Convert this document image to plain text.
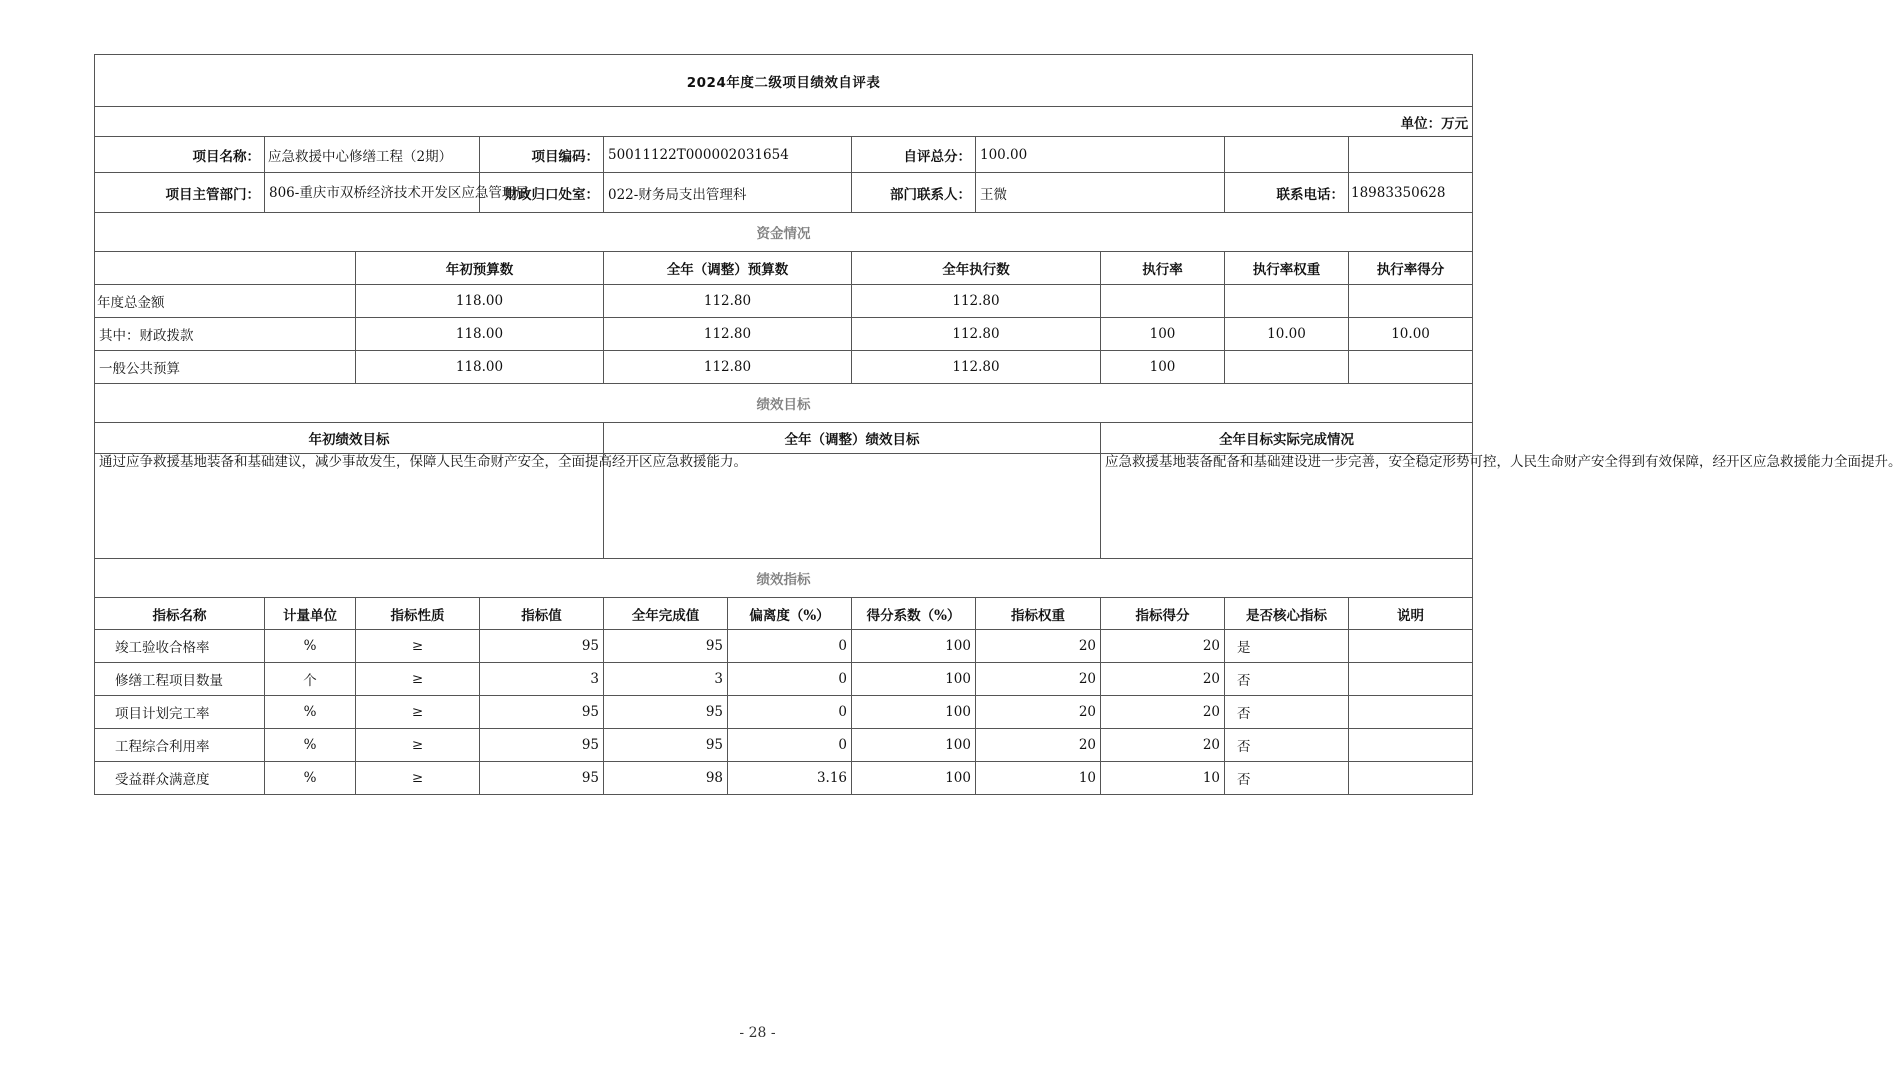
2024年度二级项目绩效自评表										
单位：万元										
项目名称：	应急救援中心修缮工程（2期）		项目编码：	50011122T000002031654		自评总分：	100.00			
项目主管部门：	806-重庆市双桥经济技术开发区应急管理局		财政归口处室：	022-财务局支出管理科		部门联系人：	王微		联系电话：	18983350628
资金情况										
		年初预算数		全年（调整）预算数		全年执行数		执行率	执行率权重	执行率得分
年度总金额		118.00		112.80		112.80				
其中：财政拨款		118.00		112.80		112.80		100	10.00	10.00
一般公共预算		118.00		112.80		112.80		100		
绩效目标										
年初绩效目标				全年（调整）绩效目标				全年目标实际完成情况		
通过应争救援基地装备和基础建议，减少事故发生，保障人民生命财产安全，全面提高经开区应急救援能力。								应急救援基地装备配备和基础建设进一步完善，安全稳定形势可控，人民生命财产安全得到有效保障，经开区应急救援能力全面提升。		
绩效指标										
指标名称	计量单位	指标性质	指标值	全年完成值	偏离度（%）	得分系数（%）	指标权重	指标得分	是否核心指标	说明
竣工验收合格率	%	≥	95	95	0	100	20	20	是	
修缮工程项目数量	个	≥	3	3	0	100	20	20	否	
项目计划完工率	%	≥	95	95	0	100	20	20	否	
工程综合利用率	%	≥	95	95	0	100	20	20	否	
受益群众满意度	%	≥	95	98	3.16	100	10	10	否	
- 28 -
